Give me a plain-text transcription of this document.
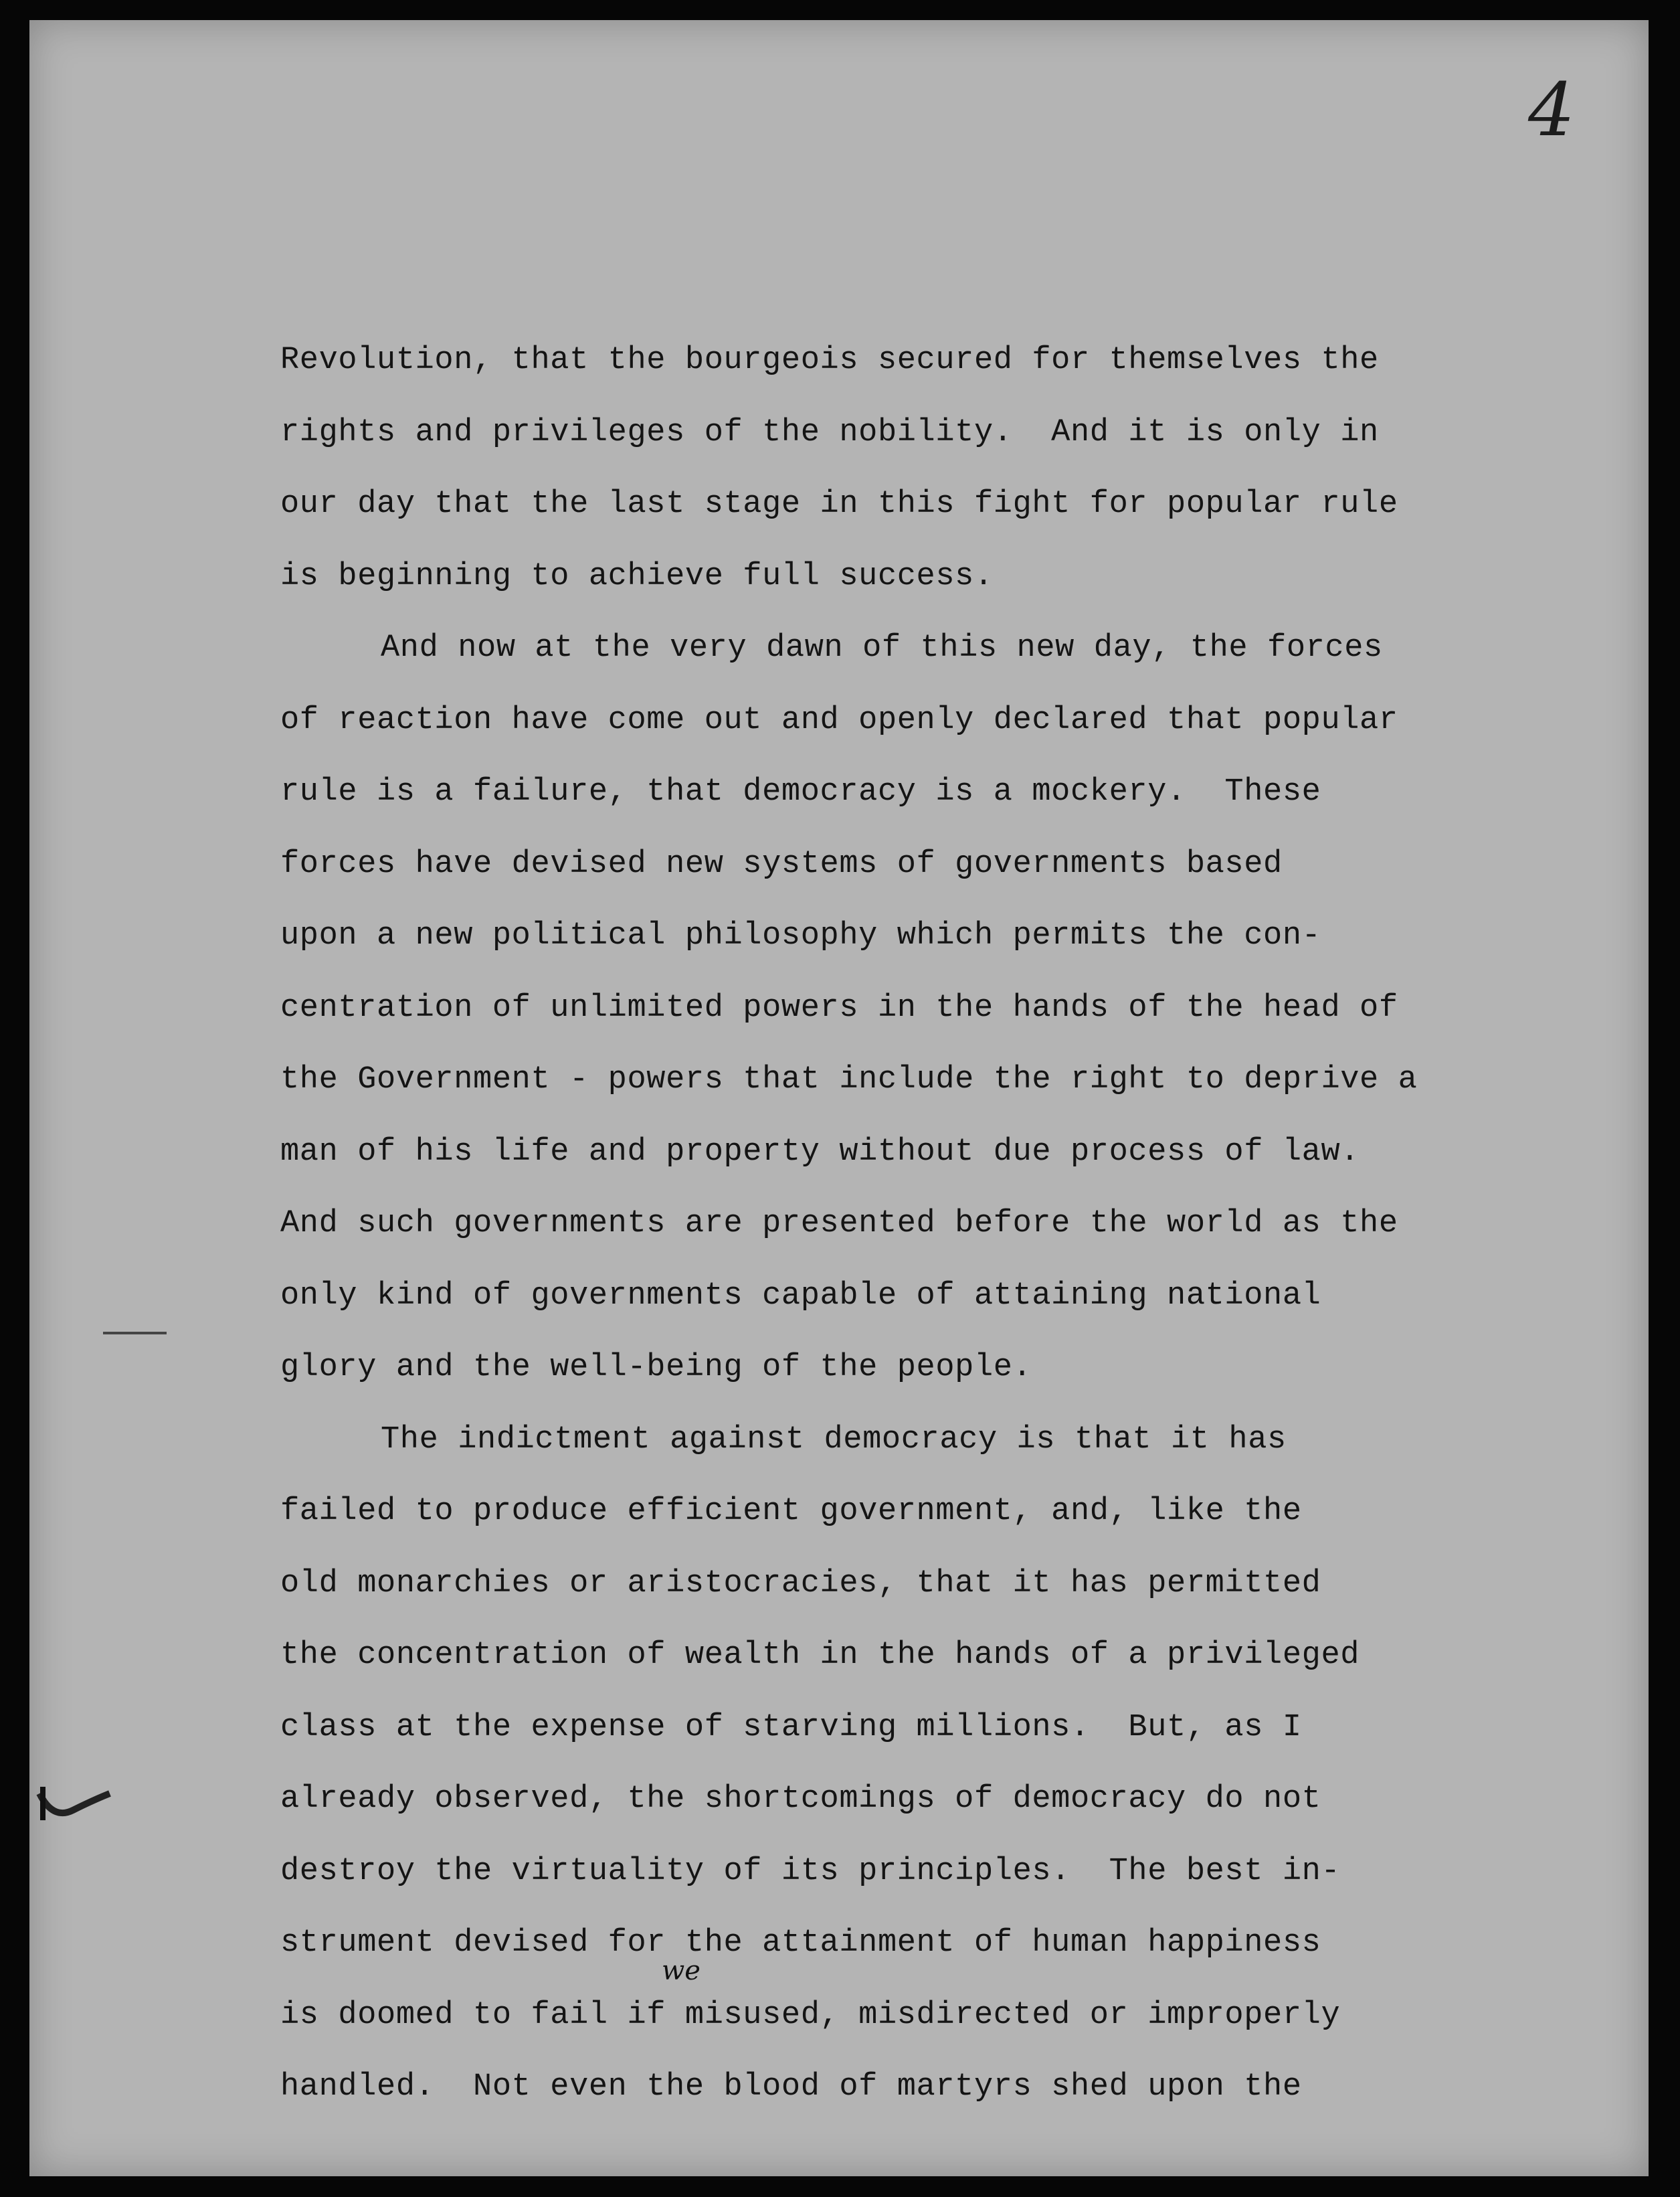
4
Revolution, that the bourgeois secured for themselves the
rights and privileges of the nobility.  And it is only in
our day that the last stage in this fight for popular rule
is beginning to achieve full success.
And now at the very dawn of this new day, the forces
of reaction have come out and openly declared that popular
rule is a failure, that democracy is a mockery.  These
forces have devised new systems of governments based
upon a new political philosophy which permits the con-
centration of unlimited powers in the hands of the head of
the Government - powers that include the right to deprive a
man of his life and property without due process of law.
And such governments are presented before the world as the
only kind of governments capable of attaining national
glory and the well-being of the people.
The indictment against democracy is that it has
failed to produce efficient government, and, like the
old monarchies or aristocracies, that it has permitted
the concentration of wealth in the hands of a privileged
class at the expense of starving millions.  But, as I
already observed, the shortcomings of democracy do not
destroy the virtuality of its principles.  The best in-
strument devised for the attainment of human happiness
is doomed to fail if misused, misdirected or improperly
handled.  Not even the blood of martyrs shed upon the
we
